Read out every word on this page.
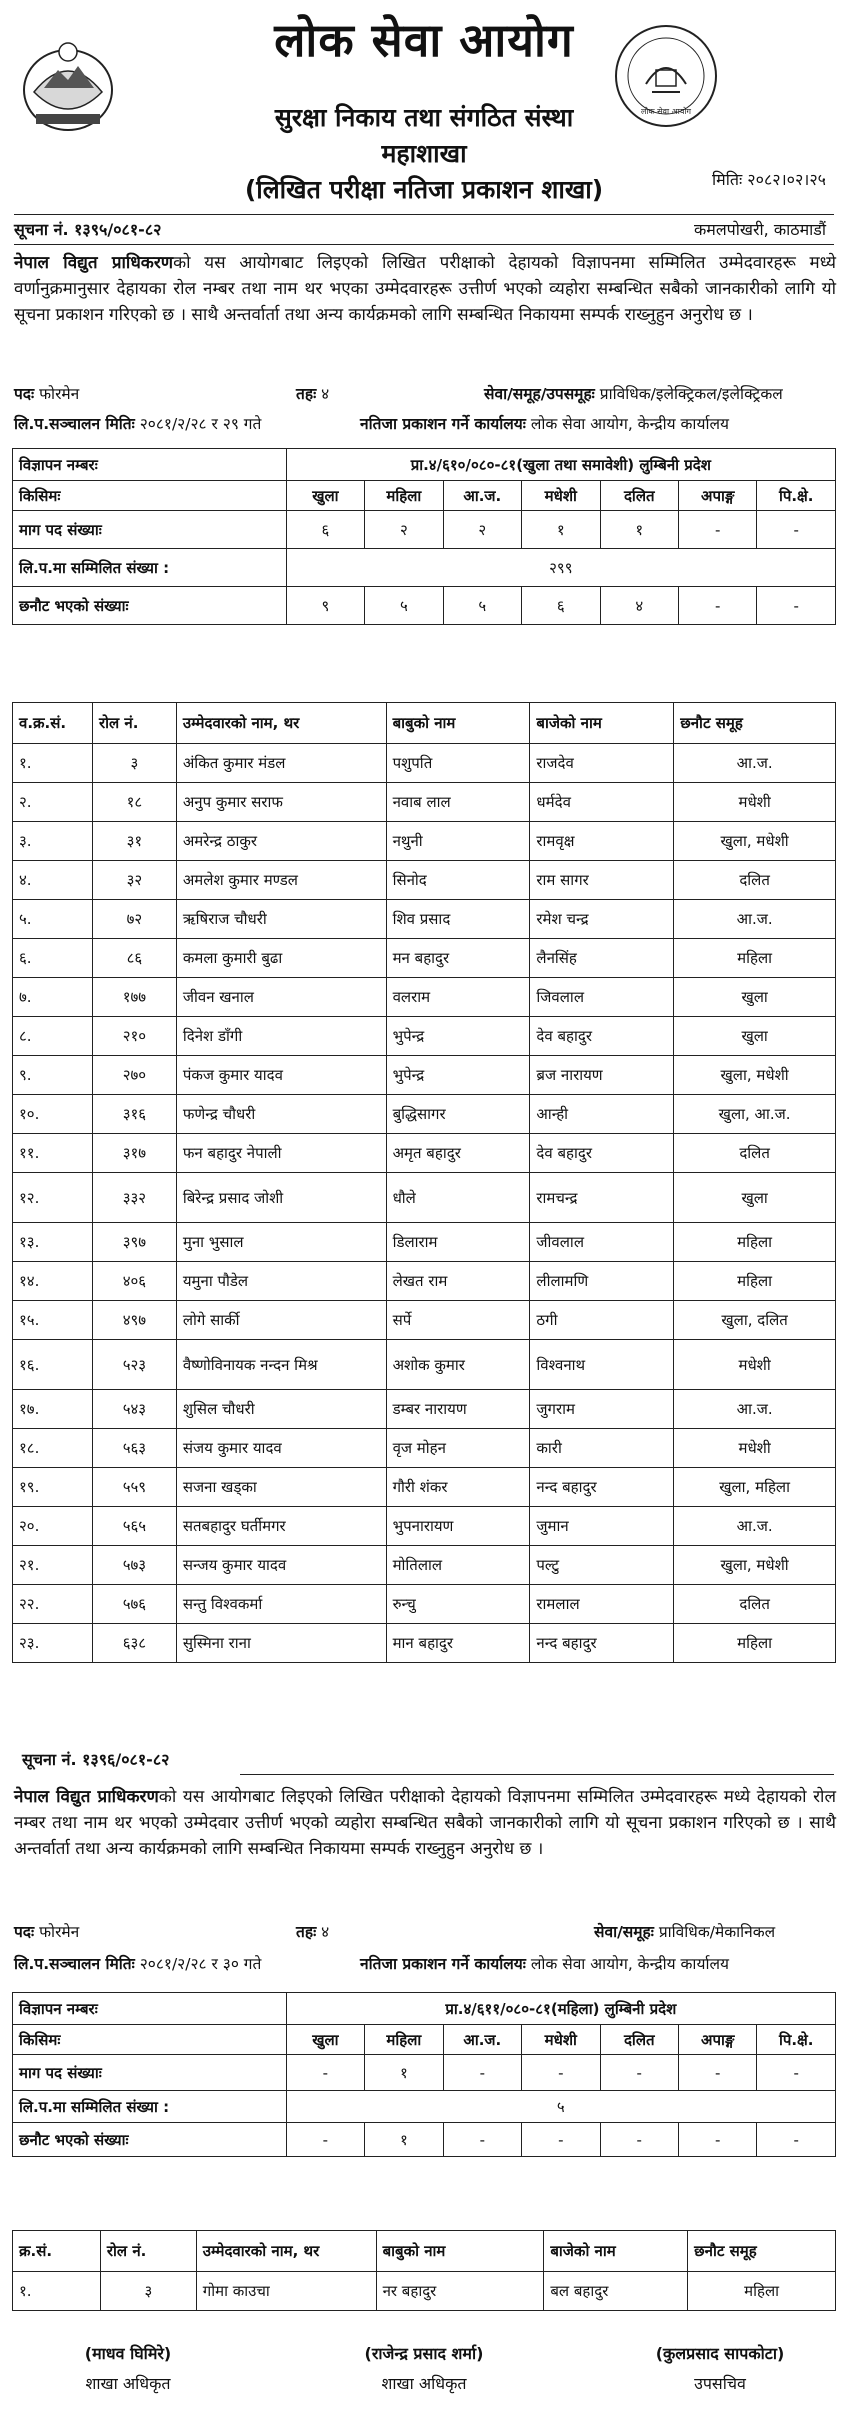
लोक सेवा आयोग
लोक सेवा आयोग
सुरक्षा निकाय तथा संगठित संस्था
महाशाखा
(लिखित परीक्षा नतिजा प्रकाशन शाखा)	मितिः २०८२।०२।२५
सूचना नं. १३९५/०८१-८२	कमलपोखरी, काठमाडौं
नेपाल विद्युत प्राधिकरणको यस आयोगबाट लिइएको लिखित परीक्षाको देहायको विज्ञापनमा सम्मिलित उम्मेदवारहरू मध्ये वर्णानुक्रमानुसार देहायका रोल नम्बर तथा नाम थर भएका उम्मेदवारहरू उत्तीर्ण भएको व्यहोरा सम्बन्धित सबैको जानकारीको लागि यो सूचना प्रकाशन गरिएको छ । साथै अन्तर्वार्ता तथा अन्य कार्यक्रमको लागि सम्बन्धित निकायमा सम्पर्क राख्नुहुन अनुरोध छ ।
पदः फोरमेन	तहः ४	सेवा/समूह/उपसमूहः प्राविधिक/इलेक्ट्रिकल/इलेक्ट्रिकल
लि.प.सञ्चालन मितिः २०८१/२/२८ र २९ गते	नतिजा प्रकाशन गर्ने कार्यालयः लोक सेवा आयोग, केन्द्रीय कार्यालय
विज्ञापन नम्बरः	प्रा.४/६१०/०८०-८१(खुला तथा समावेशी) लुम्बिनी प्रदेश						
किसिमः	खुला	महिला	आ.ज.	मधेशी	दलित	अपाङ्ग	पि.क्षे.
माग पद संख्याः	६	२	२	१	१	-	-
लि.प.मा सम्मिलित संख्या :	२९९						
छनौट भएको संख्याः	९	५	५	६	४	-	-
व.क्र.सं.	रोल नं.	उम्मेदवारको नाम, थर	बाबुको नाम	बाजेको नाम	छनौट समूह
१.	३	अंकित कुमार मंडल	पशुपति	राजदेव	आ.ज.
२.	१८	अनुप कुमार सराफ	नवाब लाल	धर्मदेव	मधेशी
३.	३१	अमरेन्द्र ठाकुर	नथुनी	रामवृक्ष	खुला, मधेशी
४.	३२	अमलेश कुमार मण्डल	सिनोद	राम सागर	दलित
५.	७२	ऋषिराज चौधरी	शिव प्रसाद	रमेश चन्द्र	आ.ज.
६.	८६	कमला कुमारी बुढा	मन बहादुर	लैनसिंह	महिला
७.	१७७	जीवन खनाल	वलराम	जिवलाल	खुला
८.	२१०	दिनेश डाँगी	भुपेन्द्र	देव बहादुर	खुला
९.	२७०	पंकज कुमार यादव	भुपेन्द्र	ब्रज नारायण	खुला, मधेशी
१०.	३१६	फणेन्द्र चौधरी	बुद्धिसागर	आन्ही	खुला, आ.ज.
११.	३१७	फन बहादुर नेपाली	अमृत बहादुर	देव बहादुर	दलित
१२.	३३२	बिरेन्द्र प्रसाद जोशी	धौले	रामचन्द्र	खुला
१३.	३९७	मुना भुसाल	डिलाराम	जीवलाल	महिला
१४.	४०६	यमुना पौडेल	लेखत राम	लीलामणि	महिला
१५.	४९७	लोगे सार्की	सर्पे	ठगी	खुला, दलित
१६.	५२३	वैष्णोविनायक नन्दन मिश्र	अशोक कुमार	विश्वनाथ	मधेशी
१७.	५४३	शुसिल चौधरी	डम्बर नारायण	जुगराम	आ.ज.
१८.	५६३	संजय कुमार यादव	वृज मोहन	कारी	मधेशी
१९.	५५९	सजना खड्का	गौरी शंकर	नन्द बहादुर	खुला, महिला
२०.	५६५	सतबहादुर घर्तीमगर	भुपनारायण	जुमान	आ.ज.
२१.	५७३	सन्जय कुमार यादव	मोतिलाल	पल्टु	खुला, मधेशी
२२.	५७६	सन्तु विश्वकर्मा	रुन्चु	रामलाल	दलित
२३.	६३८	सुस्मिना राना	मान बहादुर	नन्द बहादुर	महिला
सूचना नं. १३९६/०८१-८२
नेपाल विद्युत प्राधिकरणको यस आयोगबाट लिइएको लिखित परीक्षाको देहायको विज्ञापनमा सम्मिलित उम्मेदवारहरू मध्ये देहायको रोल नम्बर तथा नाम थर भएको उम्मेदवार उत्तीर्ण भएको व्यहोरा सम्बन्धित सबैको जानकारीको लागि यो सूचना प्रकाशन गरिएको छ । साथै अन्तर्वार्ता तथा अन्य कार्यक्रमको लागि सम्बन्धित निकायमा सम्पर्क राख्नुहुन अनुरोध छ ।
पदः फोरमेन	तहः ४	सेवा/समूहः प्राविधिक/मेकानिकल
लि.प.सञ्चालन मितिः २०८१/२/२८ र ३० गते	नतिजा प्रकाशन गर्ने कार्यालयः लोक सेवा आयोग, केन्द्रीय कार्यालय
विज्ञापन नम्बरः	प्रा.४/६११/०८०-८१(महिला) लुम्बिनी प्रदेश						
किसिमः	खुला	महिला	आ.ज.	मधेशी	दलित	अपाङ्ग	पि.क्षे.
माग पद संख्याः	-	१	-	-	-	-	-
लि.प.मा सम्मिलित संख्या :	५						
छनौट भएको संख्याः	-	१	-	-	-	-	-
क्र.सं.	रोल नं.	उम्मेदवारको नाम, थर	बाबुको नाम	बाजेको नाम	छनौट समूह
१.	३	गोमा काउचा	नर बहादुर	बल बहादुर	महिला
(माधव घिमिरे)
शाखा अधिकृत
(राजेन्द्र प्रसाद शर्मा)
शाखा अधिकृत
(कुलप्रसाद सापकोटा)
उपसचिव
